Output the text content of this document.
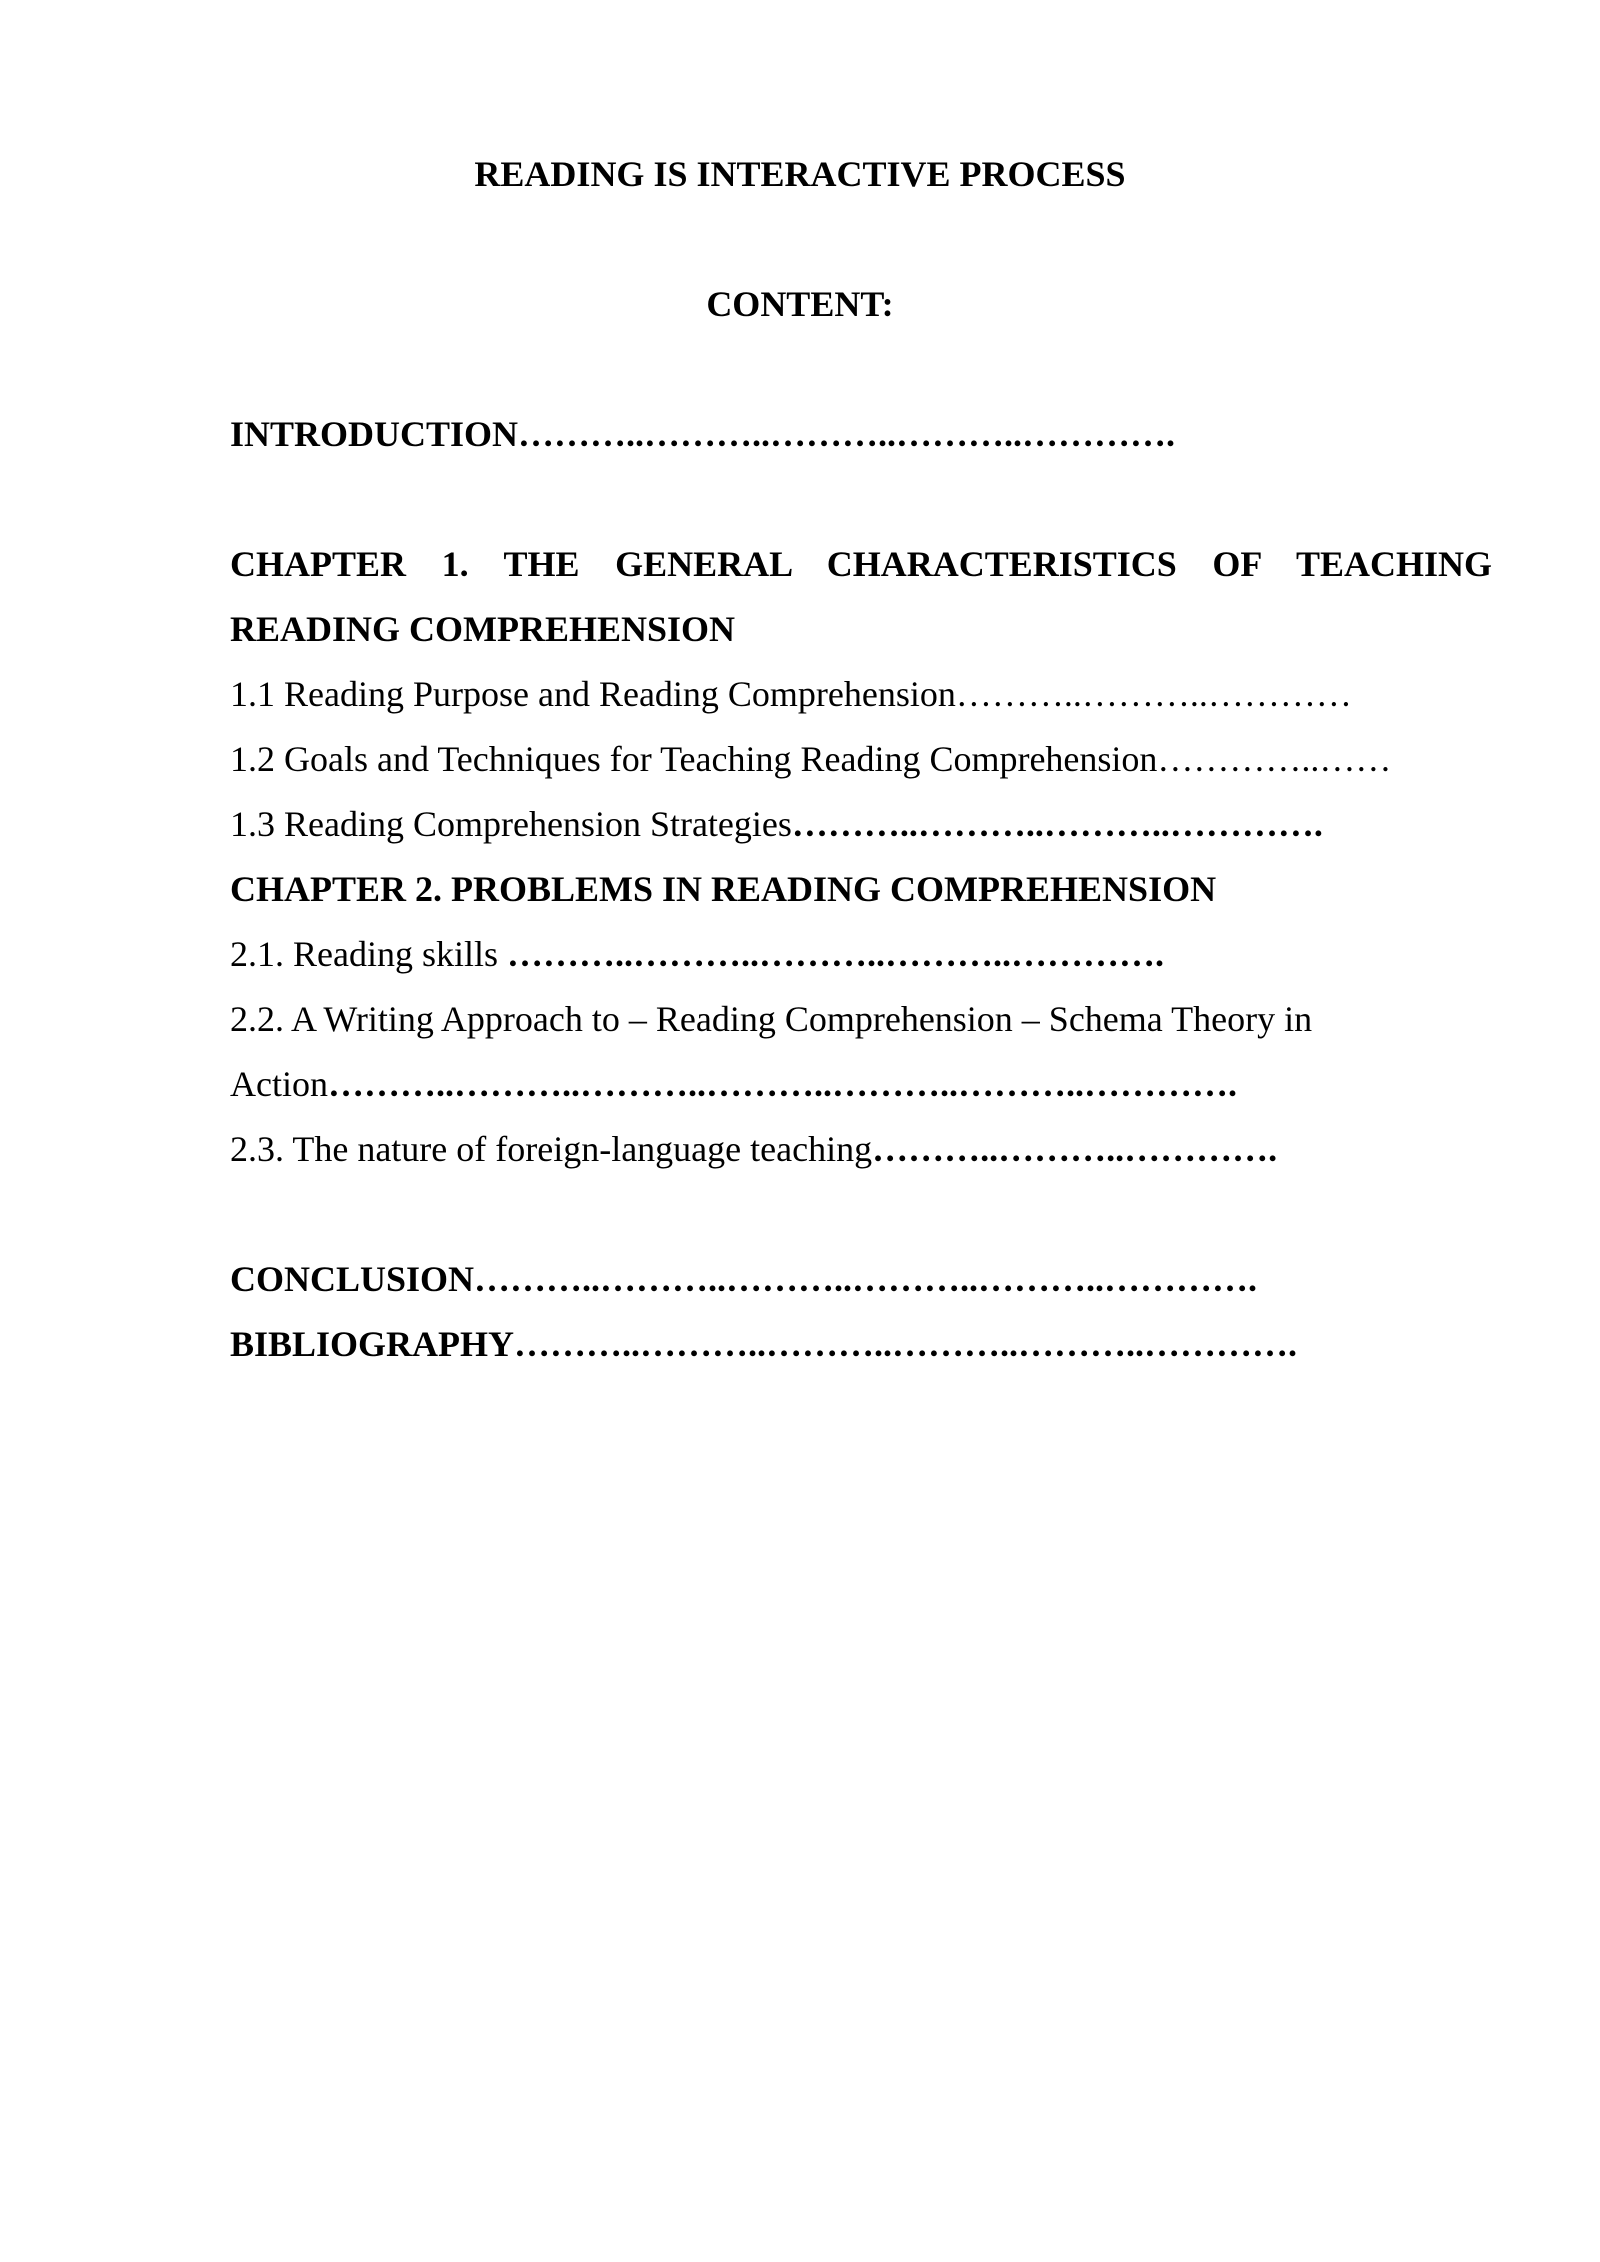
READING IS INTERACTIVE PROCESS

CONTENT:

INTRODUCTION………..………..………..………..………….

CHAPTER 1. THE GENERAL CHARACTERISTICS OF TEACHING

READING COMPREHENSION

1.1 Reading Purpose and Reading Comprehension………..………..…………

1.2 Goals and Techniques for Teaching Reading Comprehension…………..……

1.3 Reading Comprehension Strategies………..………..………..………….

CHAPTER 2. PROBLEMS IN READING COMPREHENSION

2.1. Reading skills ………..………..………..………..………….

2.2. A Writing Approach to – Reading Comprehension – Schema Theory in

Action………..………..………..………..………..………..………….

2.3. The nature of foreign-language teaching………..………..………….

CONCLUSION………..………..………..………..………..………….

BIBLIOGRAPHY………..………..………..………..………..………….
